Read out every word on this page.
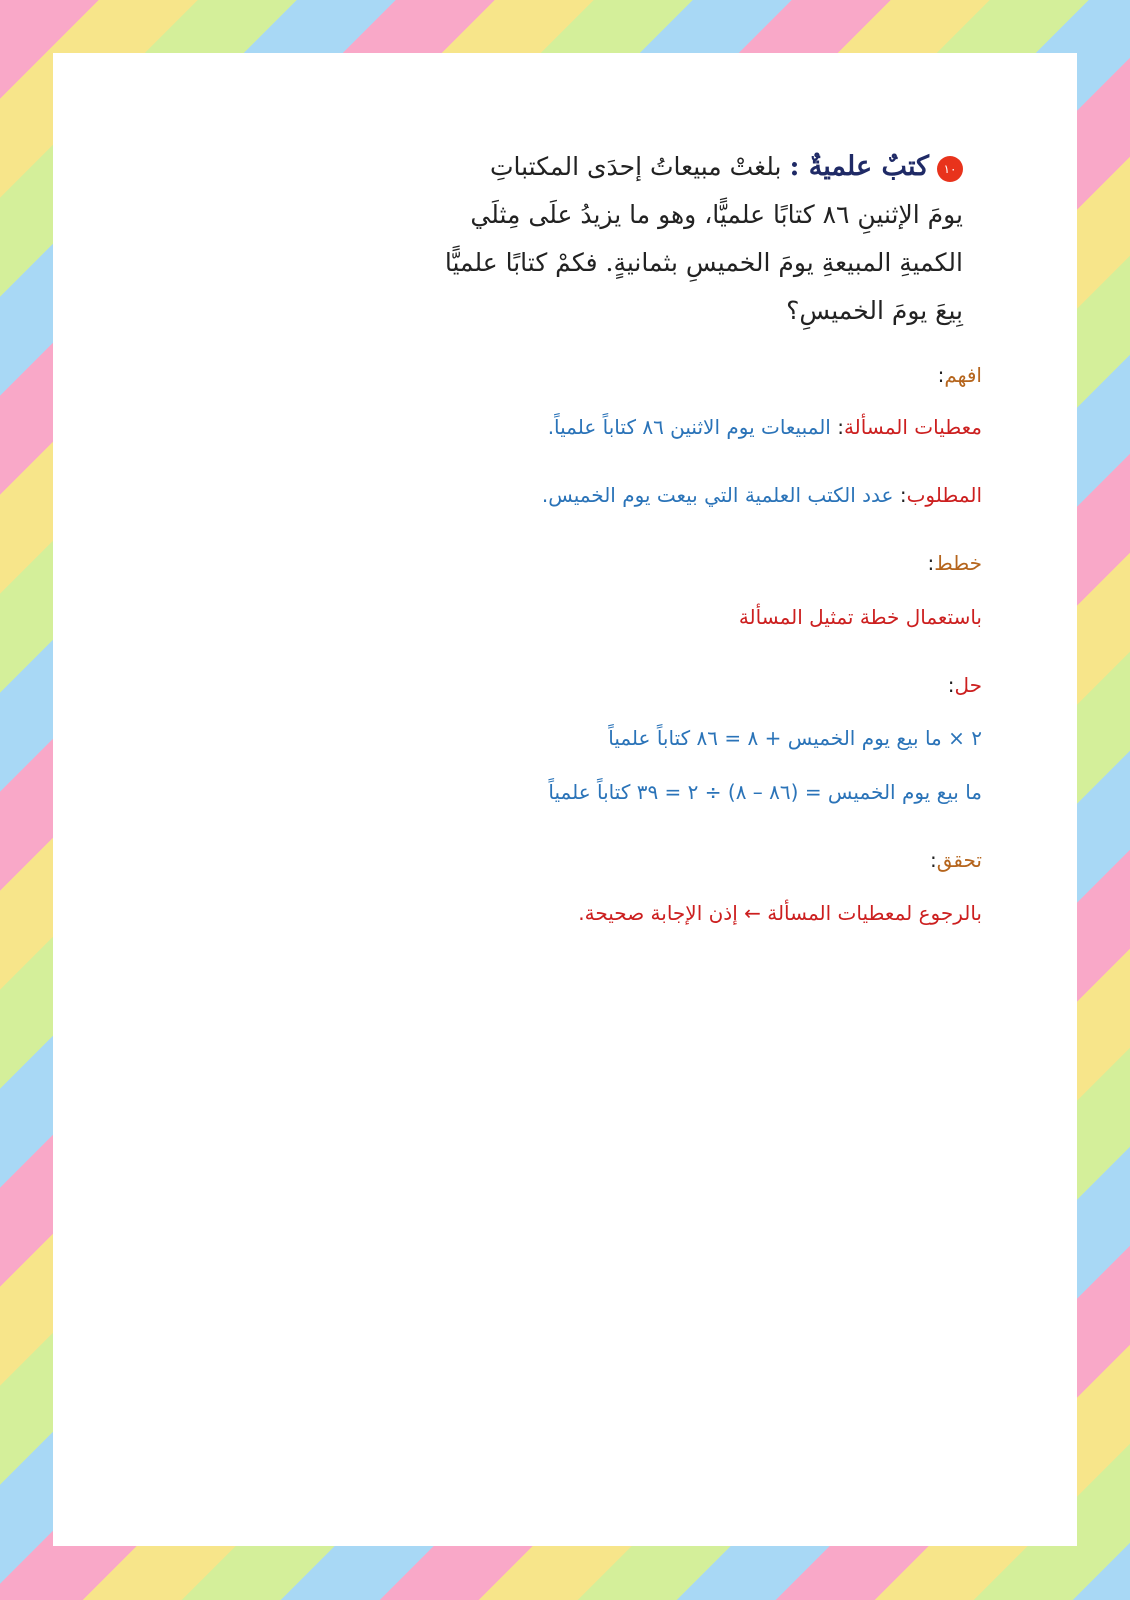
١٠كتبٌ علميةٌ : بلغتْ مبيعاتُ إحدَى المكتباتِ
يومَ الإثنينِ ٨٦ كتابًا علميًّا، وهو ما يزيدُ علَى مِثلَي
الكميةِ المبيعةِ يومَ الخميسِ بثمانيةٍ. فكمْ كتابًا علميًّا
بِيعَ يومَ الخميسِ؟
افهم:
معطيات المسألة: المبيعات يوم الاثنين ٨٦ كتاباً علمياً.
المطلوب: عدد الكتب العلمية التي بيعت يوم الخميس.
خطط:
باستعمال خطة تمثيل المسألة
حل:
٢ × ما بيع يوم الخميس + ٨ = ٨٦ كتاباً علمياً
ما بيع يوم الخميس = (٨٦ – ٨) ÷ ٢ = ٣٩ كتاباً علمياً
تحقق:
بالرجوع لمعطيات المسألة ← إذن الإجابة صحيحة.
